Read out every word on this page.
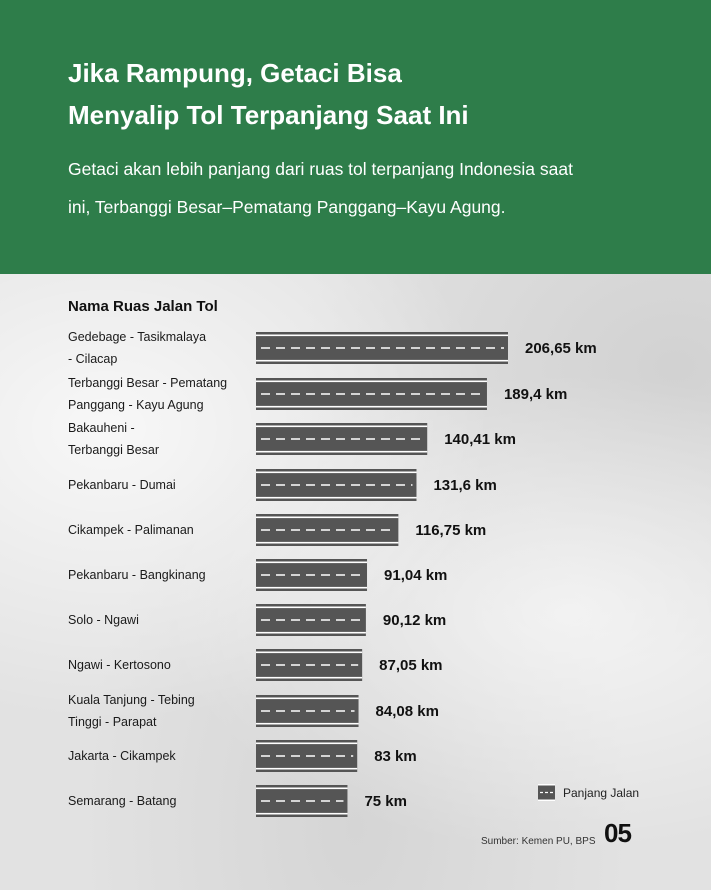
Jika Rampung, Getaci Bisa
Menyalip Tol Terpanjang Saat Ini

Getaci akan lebih panjang dari ruas tol terpanjang Indonesia saat
ini, Terbanggi Besar–Pematang Panggang–Kayu Agung.

Nama Ruas Jalan Tol
206,65 km
Gedebage - Tasikmalaya
- Cilacap
189,4 km
Terbanggi Besar - Pematang
Panggang - Kayu Agung
140,41 km
Bakauheni -
Terbanggi Besar
131,6 km
Pekanbaru - Dumai
116,75 km
Cikampek - Palimanan
91,04 km
Pekanbaru - Bangkinang
90,12 km
Solo - Ngawi
87,05 km
Ngawi - Kertosono
84,08 km
Kuala Tanjung - Tebing
Tinggi - Parapat
83 km
Jakarta - Cikampek
75 km
Semarang - Batang
Panjang Jalan
Sumber: Kemen PU, BPS 05
